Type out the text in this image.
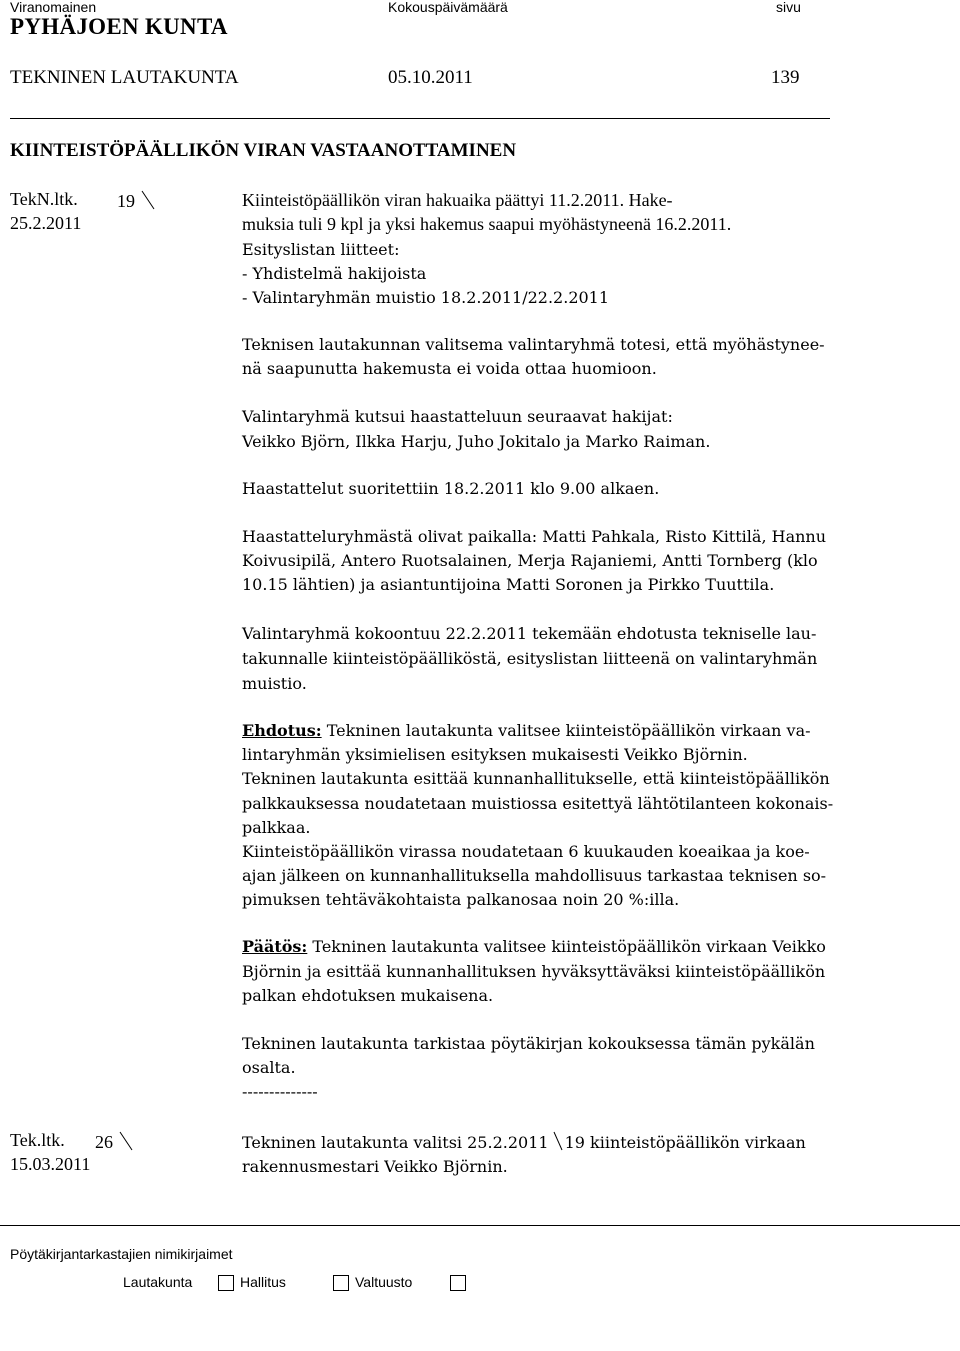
Viranomainen	Kokouspäivämäärä	sivu
PYHÄJOEN KUNTA
TEKNINEN LAUTAKUNTA	05.10.2011	139
KIINTEISTÖPÄÄLLIKÖN VIRAN VASTAANOTTAMINEN
TekN.ltk. 19
25.2.2011
Kiinteistöpäällikön viran hakuaika päättyi 11.2.2011. Hake-
muksia tuli 9 kpl ja yksi hakemus saapui myöhästyneenä 16.2.2011.
Esityslistan liitteet:
- Yhdistelmä hakijoista
- Valintaryhmän muistio 18.2.2011/22.2.2011
Teknisen lautakunnan valitsema valintaryhmä totesi, että myöhästynee-
nä saapunutta hakemusta ei voida ottaa huomioon.
Valintaryhmä kutsui haastatteluun seuraavat hakijat:
Veikko Björn, Ilkka Harju, Juho Jokitalo ja Marko Raiman.
Haastattelut suoritettiin 18.2.2011 klo 9.00 alkaen.
Haastatteluryhmästä olivat paikalla: Matti Pahkala, Risto Kittilä, Hannu
Koivusipilä, Antero Ruotsalainen, Merja Rajaniemi, Antti Tornberg (klo
10.15 lähtien) ja asiantuntijoina Matti Soronen ja Pirkko Tuuttila.
Valintaryhmä kokoontuu 22.2.2011 tekemään ehdotusta tekniselle lau-
takunnalle kiinteistöpäälliköstä, esityslistan liitteenä on valintaryhmän
muistio.
Ehdotus: Tekninen lautakunta valitsee kiinteistöpäällikön virkaan va-
lintaryhmän yksimielisen esityksen mukaisesti Veikko Björnin.
Tekninen lautakunta esittää kunnanhallitukselle, että kiinteistöpäällikön
palkkauksessa noudatetaan muistiossa esitettyä lähtötilanteen kokonais-
palkkaa.
Kiinteistöpäällikön virassa noudatetaan 6 kuukauden koeaikaa ja koe-
ajan jälkeen on kunnanhallituksella mahdollisuus tarkastaa teknisen so-
pimuksen tehtäväkohtaista palkanosaa noin 20 %:illa.
Päätös: Tekninen lautakunta valitsee kiinteistöpäällikön virkaan Veikko
Björnin ja esittää kunnanhallituksen hyväksyttäväksi kiinteistöpäällikön
palkan ehdotuksen mukaisena.
Tekninen lautakunta tarkistaa pöytäkirjan kokouksessa tämän pykälän
osalta.
--------------
Tek.ltk. 26
15.03.2011
Tekninen lautakunta valitsi 25.2.2011 19 kiinteistöpäällikön virkaan
rakennusmestari Veikko Björnin.
Pöytäkirjantarkastajien nimikirjaimet
Lautakunta	Hallitus	Valtuusto
